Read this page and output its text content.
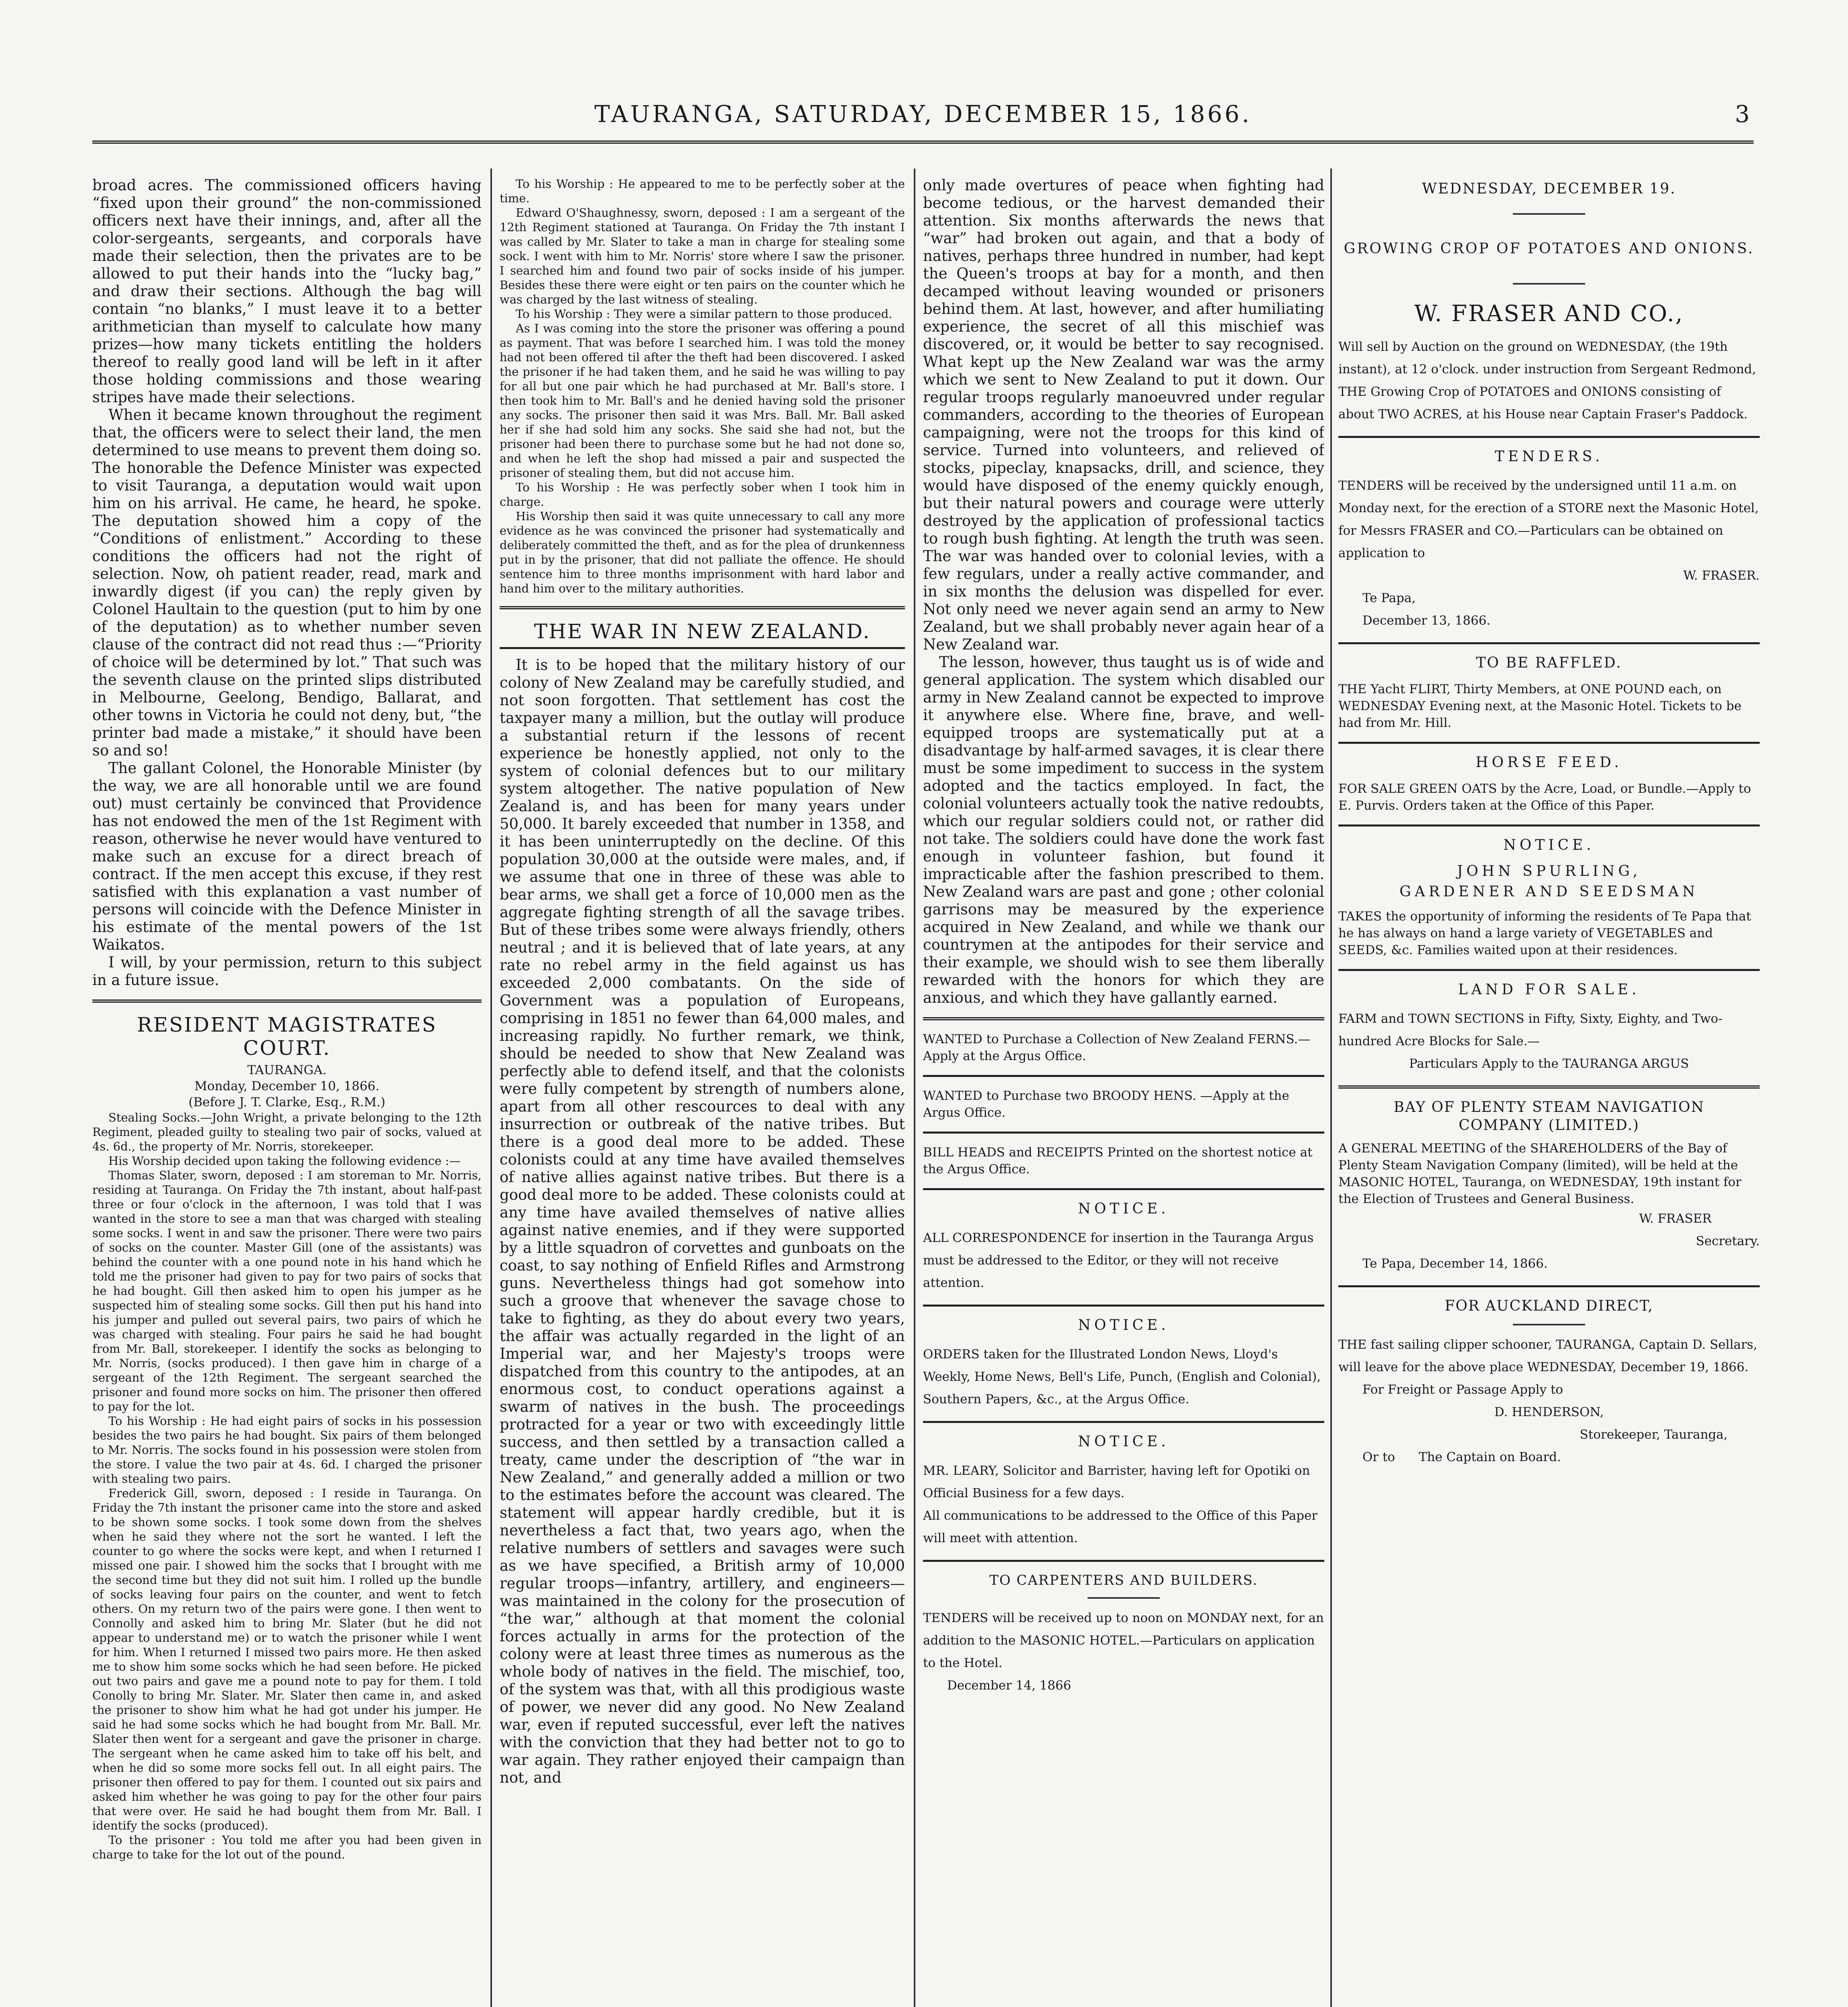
TAURANGA, SATURDAY, DECEMBER 15, 1866.	3

broad acres. The commissioned officers having “fixed upon their ground” the non-commissioned officers next have their innings, and, after all the color-sergeants, sergeants, and corporals have made their selection, then the privates are to be allowed to put their hands into the “lucky bag,” and draw their sections. Although the bag will contain “no blanks,” I must leave it to a better arithmetician than myself to calculate how many prizes—how many tickets entitling the holders thereof to really good land will be left in it after those holding commissions and those wearing stripes have made their selections.

When it became known throughout the regiment that, the officers were to select their land, the men determined to use means to prevent them doing so. The honorable the Defence Minister was expected to visit Tauranga, a deputation would wait upon him on his arrival. He came, he heard, he spoke. The deputation showed him a copy of the “Conditions of enlistment.” According to these conditions the officers had not the right of selection. Now, oh patient reader, read, mark and inwardly digest (if you can) the reply given by Colonel Haultain to the question (put to him by one of the deputation) as to whether number seven clause of the contract did not read thus :—“Priority of choice will be determined by lot.” That such was the seventh clause on the printed slips distributed in Melbourne, Geelong, Bendigo, Ballarat, and other towns in Victoria he could not deny, but, “the printer bad made a mistake,” it should have been so and so!

The gallant Colonel, the Honorable Minister (by the way, we are all honorable until we are found out) must certainly be convinced that Providence has not endowed the men of the 1st Regiment with reason, otherwise he never would have ventured to make such an excuse for a direct breach of contract. If the men accept this excuse, if they rest satisfied with this explanation a vast number of persons will coincide with the Defence Minister in his estimate of the mental powers of the 1st Waikatos.

I will, by your permission, return to this subject in a future issue.

RESIDENT MAGISTRATES COURT.
TAURANGA.
Monday, December 10, 1866.
(Before J. T. Clarke, Esq., R.M.)

Stealing Socks.—John Wright, a private belonging to the 12th Regiment, pleaded guilty to stealing two pair of socks, valued at 4s. 6d., the property of Mr. Norris, storekeeper.

His Worship decided upon taking the following evidence :—

Thomas Slater, sworn, deposed : I am storeman to Mr. Norris, residing at Tauranga. On Friday the 7th instant, about half-past three or four o'clock in the afternoon, I was told that I was wanted in the store to see a man that was charged with stealing some socks. I went in and saw the prisoner. There were two pairs of socks on the counter. Master Gill (one of the assistants) was behind the counter with a one pound note in his hand which he told me the prisoner had given to pay for two pairs of socks that he had bought. Gill then asked him to open his jumper as he suspected him of stealing some socks. Gill then put his hand into his jumper and pulled out several pairs, two pairs of which he was charged with stealing. Four pairs he said he had bought from Mr. Ball, storekeeper. I identify the socks as belonging to Mr. Norris, (socks produced). I then gave him in charge of a sergeant of the 12th Regiment. The sergeant searched the prisoner and found more socks on him. The prisoner then offered to pay for the lot.

To his Worship : He had eight pairs of socks in his possession besides the two pairs he had bought. Six pairs of them belonged to Mr. Norris. The socks found in his possession were stolen from the store. I value the two pair at 4s. 6d. I charged the prisoner with stealing two pairs.

Frederick Gill, sworn, deposed : I reside in Tauranga. On Friday the 7th instant the prisoner came into the store and asked to be shown some socks. I took some down from the shelves when he said they where not the sort he wanted. I left the counter to go where the socks were kept, and when I returned I missed one pair. I showed him the socks that I brought with me the second time but they did not suit him. I rolled up the bundle of socks leaving four pairs on the counter, and went to fetch others. On my return two of the pairs were gone. I then went to Connolly and asked him to bring Mr. Slater (but he did not appear to understand me) or to watch the prisoner while I went for him. When I returned I missed two pairs more. He then asked me to show him some socks which he had seen before. He picked out two pairs and gave me a pound note to pay for them. I told Conolly to bring Mr. Slater. Mr. Slater then came in, and asked the prisoner to show him what he had got under his jumper. He said he had some socks which he had bought from Mr. Ball. Mr. Slater then went for a sergeant and gave the prisoner in charge. The sergeant when he came asked him to take off his belt, and when he did so some more socks fell out. In all eight pairs. The prisoner then offered to pay for them. I counted out six pairs and asked him whether he was going to pay for the other four pairs that were over. He said he had bought them from Mr. Ball. I identify the socks (produced).

To the prisoner : You told me after you had been given in charge to take for the lot out of the pound.

To his Worship : He appeared to me to be perfectly sober at the time.

Edward O'Shaughnessy, sworn, deposed : I am a sergeant of the 12th Regiment stationed at Tauranga. On Friday the 7th instant I was called by Mr. Slater to take a man in charge for stealing some sock. I went with him to Mr. Norris' store where I saw the prisoner. I searched him and found two pair of socks inside of his jumper. Besides these there were eight or ten pairs on the counter which he was charged by the last witness of stealing.

To his Worship : They were a similar pattern to those produced.

As I was coming into the store the prisoner was offering a pound as payment. That was before I searched him. I was told the money had not been offered til after the theft had been discovered. I asked the prisoner if he had taken them, and he said he was willing to pay for all but one pair which he had purchased at Mr. Ball's store. I then took him to Mr. Ball's and he denied having sold the prisoner any socks. The prisoner then said it was Mrs. Ball. Mr. Ball asked her if she had sold him any socks. She said she had not, but the prisoner had been there to purchase some but he had not done so, and when he left the shop had missed a pair and suspected the prisoner of stealing them, but did not accuse him.

To his Worship : He was perfectly sober when I took him in charge.

His Worship then said it was quite unnecessary to call any more evidence as he was convinced the prisoner had systematically and deliberately committed the theft, and as for the plea of drunkenness put in by the prisoner, that did not palliate the offence. He should sentence him to three months imprisonment with hard labor and hand him over to the military authorities.

THE WAR IN NEW ZEALAND.

It is to be hoped that the military history of our colony of New Zealand may be carefully studied, and not soon forgotten. That settlement has cost the taxpayer many a million, but the outlay will produce a substantial return if the lessons of recent experience be honestly applied, not only to the system of colonial defences but to our military system altogether. The native population of New Zealand is, and has been for many years under 50,000. It barely exceeded that number in 1358, and it has been uninterruptedly on the decline. Of this population 30,000 at the outside were males, and, if we assume that one in three of these was able to bear arms, we shall get a force of 10,000 men as the aggregate fighting strength of all the savage tribes. But of these tribes some were always friendly, others neutral ; and it is believed that of late years, at any rate no rebel army in the field against us has exceeded 2,000 combatants. On the side of Government was a population of Europeans, comprising in 1851 no fewer than 64,000 males, and increasing rapidly. No further remark, we think, should be needed to show that New Zealand was perfectly able to defend itself, and that the colonists were fully competent by strength of numbers alone, apart from all other rescources to deal with any insurrection or outbreak of the native tribes. But there is a good deal more to be added. These colonists could at any time have availed themselves of native allies against native tribes. But there is a good deal more to be added. These colonists could at any time have availed themselves of native allies against native enemies, and if they were supported by a little squadron of corvettes and gunboats on the coast, to say nothing of Enfield Rifles and Armstrong guns. Nevertheless things had got somehow into such a groove that whenever the savage chose to take to fighting, as they do about every two years, the affair was actually regarded in the light of an Imperial war, and her Majesty's troops were dispatched from this country to the antipodes, at an enormous cost, to conduct operations against a swarm of natives in the bush. The proceedings protracted for a year or two with exceedingly little success, and then settled by a transaction called a treaty, came under the description of “the war in New Zealand,” and generally added a million or two to the estimates before the account was cleared. The statement will appear hardly credible, but it is nevertheless a fact that, two years ago, when the relative numbers of settlers and savages were such as we have specified, a British army of 10,000 regular troops—infantry, artillery, and engineers—was maintained in the colony for the prosecution of “the war,” although at that moment the colonial forces actually in arms for the protection of the colony were at least three times as numerous as the whole body of natives in the field. The mischief, too, of the system was that, with all this prodigious waste of power, we never did any good. No New Zealand war, even if reputed successful, ever left the natives with the conviction that they had better not to go to war again. They rather enjoyed their campaign than not, and

only made overtures of peace when fighting had become tedious, or the harvest demanded their attention. Six months afterwards the news that “war” had broken out again, and that a body of natives, perhaps three hundred in number, had kept the Queen's troops at bay for a month, and then decamped without leaving wounded or prisoners behind them. At last, however, and after humiliating experience, the secret of all this mischief was discovered, or, it would be better to say recognised. What kept up the New Zealand war was the army which we sent to New Zealand to put it down. Our regular troops regularly manoeuvred under regular commanders, according to the theories of European campaigning, were not the troops for this kind of service. Turned into volunteers, and relieved of stocks, pipeclay, knapsacks, drill, and science, they would have disposed of the enemy quickly enough, but their natural powers and courage were utterly destroyed by the application of professional tactics to rough bush fighting. At length the truth was seen. The war was handed over to colonial levies, with a few regulars, under a really active commander, and in six months the delusion was dispelled for ever. Not only need we never again send an army to New Zealand, but we shall probably never again hear of a New Zealand war.

The lesson, however, thus taught us is of wide and general application. The system which disabled our army in New Zealand cannot be expected to improve it anywhere else. Where fine, brave, and well-equipped troops are systematically put at a disadvantage by half-armed savages, it is clear there must be some impediment to success in the system adopted and the tactics employed. In fact, the colonial volunteers actually took the native redoubts, which our regular soldiers could not, or rather did not take. The soldiers could have done the work fast enough in volunteer fashion, but found it impracticable after the fashion prescribed to them. New Zealand wars are past and gone ; other colonial garrisons may be measured by the experience acquired in New Zealand, and while we thank our countrymen at the antipodes for their service and their example, we should wish to see them liberally rewarded with the honors for which they are anxious, and which they have gallantly earned.

WANTED to Purchase a Collection of New Zealand FERNS.—Apply at the Argus Office.

WANTED to Purchase two BROODY HENS. —Apply at the Argus Office.

BILL HEADS and RECEIPTS Printed on the shortest notice at the Argus Office.

NOTICE.

ALL CORRESPONDENCE for insertion in the Tauranga Argus must be addressed to the Editor, or they will not receive attention.

NOTICE.

ORDERS taken for the Illustrated London News, Lloyd's Weekly, Home News, Bell's Life, Punch, (English and Colonial), Southern Papers, &c., at the Argus Office.

NOTICE.

MR. LEARY, Solicitor and Barrister, having left for Opotiki on Official Business for a few days.

All communications to be addressed to the Office of this Paper will meet with attention.

TO CARPENTERS AND BUILDERS.

TENDERS will be received up to noon on MONDAY next, for an addition to the MASONIC HOTEL.—Particulars on application to the Hotel.

December 14, 1866

WEDNESDAY, DECEMBER 19.
GROWING CROP OF POTATOES AND ONIONS.
W. FRASER AND CO.,

Will sell by Auction on the ground on WEDNESDAY, (the 19th instant), at 12 o'clock. under instruction from Sergeant Redmond,

THE Growing Crop of POTATOES and ONIONS consisting of about TWO ACRES, at his House near Captain Fraser's Paddock.

TENDERS.

TENDERS will be received by the undersigned until 11 a.m. on Monday next, for the erection of a STORE next the Masonic Hotel, for Messrs FRASER and CO.—Particulars can be obtained on application to

W. FRASER.

Te Papa,

December 13, 1866.

TO BE RAFFLED.

THE Yacht FLIRT, Thirty Members, at ONE POUND each, on WEDNESDAY Evening next, at the Masonic Hotel. Tickets to be had from Mr. Hill.

HORSE FEED.

FOR SALE GREEN OATS by the Acre, Load, or Bundle.—Apply to E. Purvis. Orders taken at the Office of this Paper.

NOTICE.
JOHN SPURLING,
GARDENER AND SEEDSMAN

TAKES the opportunity of informing the residents of Te Papa that he has always on hand a large variety of VEGETABLES and SEEDS, &c. Families waited upon at their residences.

LAND FOR SALE.

FARM and TOWN SECTIONS in Fifty, Sixty, Eighty, and Two-hundred Acre Blocks for Sale.—

Particulars Apply to the TAURANGA ARGUS

BAY OF PLENTY STEAM NAVIGATION
COMPANY (LIMITED.)

A GENERAL MEETING of the SHAREHOLDERS of the Bay of Plenty Steam Navigation Company (limited), will be held at the MASONIC HOTEL, Tauranga, on WEDNESDAY, 19th instant for the Election of Trustees and General Business.

W. FRASER

Secretary.

Te Papa, December 14, 1866.

FOR AUCKLAND DIRECT,

THE fast sailing clipper schooner, TAURANGA, Captain D. Sellars, will leave for the above place WEDNESDAY, December 19, 1866.

For Freight or Passage Apply to

D. HENDERSON,

Storekeeper, Tauranga,

Or to      The Captain on Board.
